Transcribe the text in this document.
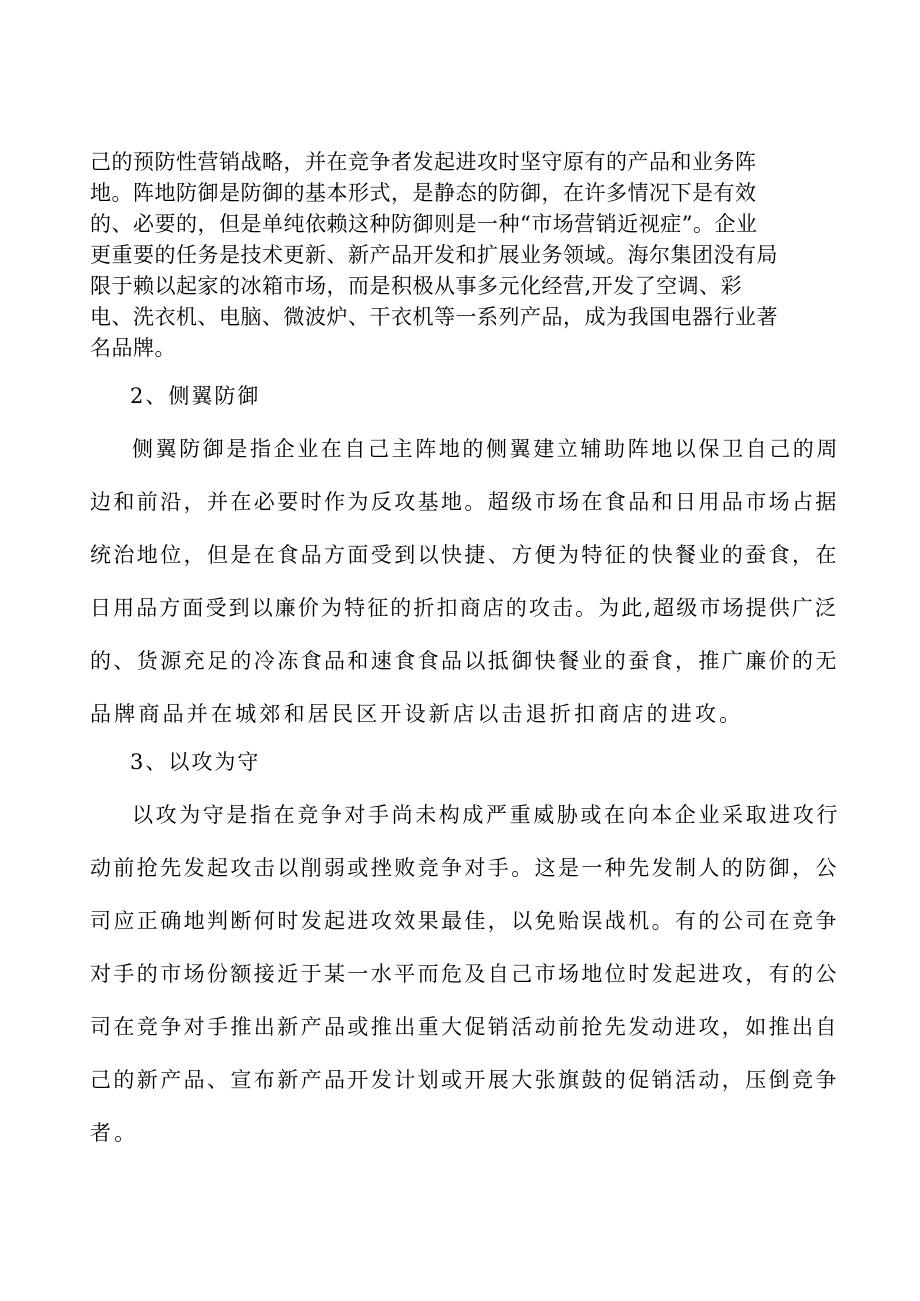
己的预防性营销战略，并在竞争者发起进攻时坚守原有的产品和业务阵
地。阵地防御是防御的基本形式，是静态的防御，在许多情况下是有效
的、必要的，但是单纯依赖这种防御则是一种“市场营销近视症”。企业
更重要的任务是技术更新、新产品开发和扩展业务领域。海尔集团没有局
限于赖以起家的冰箱市场，而是积极从事多元化经营,开发了空调、彩
电、洗衣机、电脑、微波炉、干衣机等一系列产品，成为我国电器行业著
名品牌。
2、侧翼防御
侧翼防御是指企业在自己主阵地的侧翼建立辅助阵地以保卫自己的周
边和前沿，并在必要时作为反攻基地。超级市场在食品和日用品市场占据
统治地位，但是在食品方面受到以快捷、方便为特征的快餐业的蚕食，在
日用品方面受到以廉价为特征的折扣商店的攻击。为此,超级市场提供广泛
的、货源充足的冷冻食品和速食食品以抵御快餐业的蚕食，推广廉价的无
品牌商品并在城郊和居民区开设新店以击退折扣商店的进攻。
3、以攻为守
以攻为守是指在竞争对手尚未构成严重威胁或在向本企业采取进攻行
动前抢先发起攻击以削弱或挫败竞争对手。这是一种先发制人的防御，公
司应正确地判断何时发起进攻效果最佳，以免贻误战机。有的公司在竞争
对手的市场份额接近于某一水平而危及自己市场地位时发起进攻，有的公
司在竞争对手推出新产品或推出重大促销活动前抢先发动进攻，如推出自
己的新产品、宣布新产品开发计划或开展大张旗鼓的促销活动，压倒竞争
者。
